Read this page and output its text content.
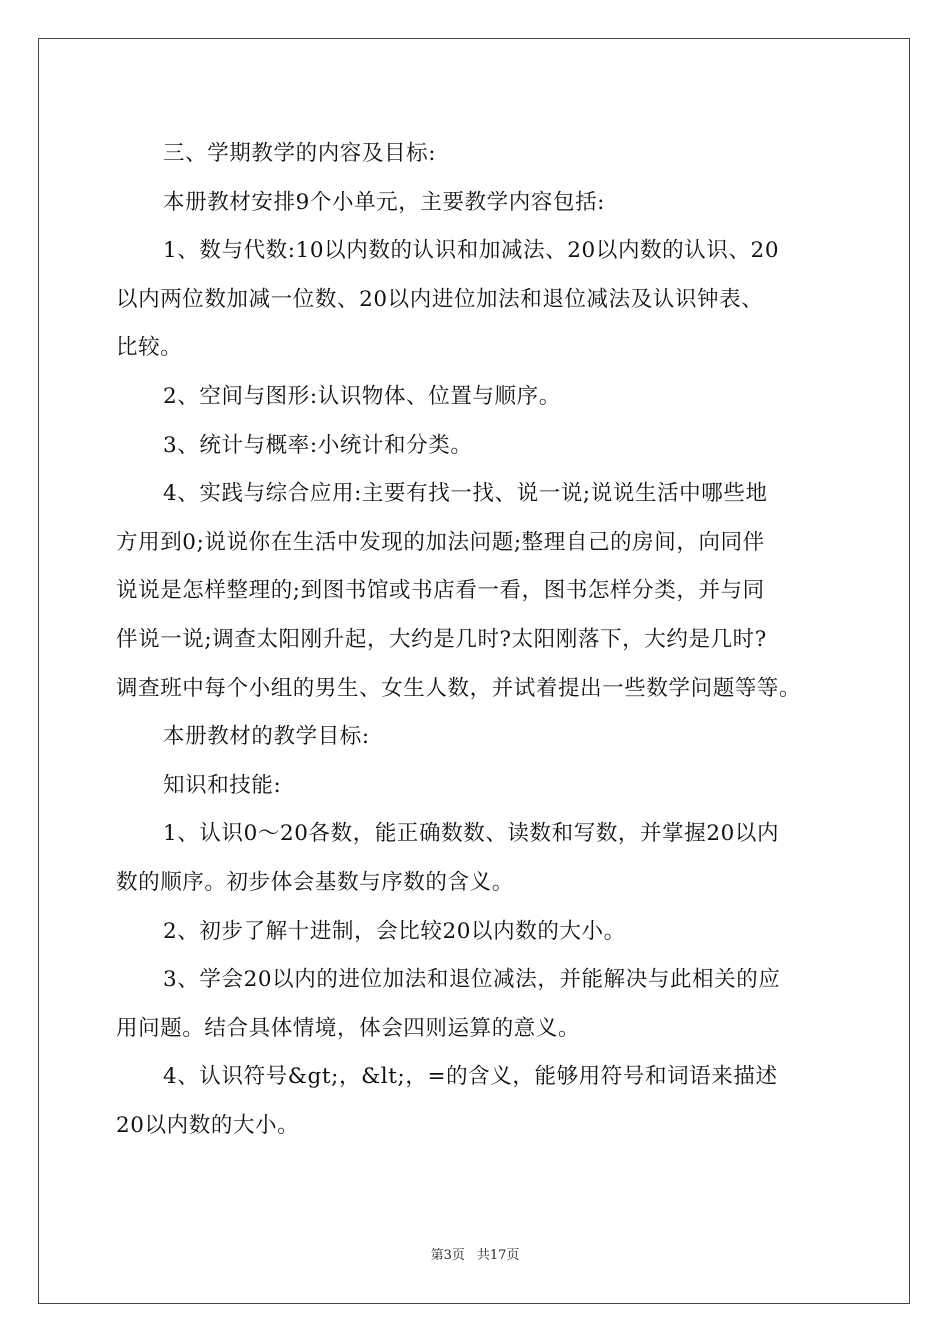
三、学期教学的内容及目标:
本册教材安排9个小单元，主要教学内容包括:
1、数与代数:10以内数的认识和加减法、20以内数的认识、20
以内两位数加减一位数、20以内进位加法和退位减法及认识钟表、
比较。
2、空间与图形:认识物体、位置与顺序。
3、统计与概率:小统计和分类。
4、实践与综合应用:主要有找一找、说一说;说说生活中哪些地
方用到0;说说你在生活中发现的加法问题;整理自己的房间，向同伴
说说是怎样整理的;到图书馆或书店看一看，图书怎样分类，并与同
伴说一说;调查太阳刚升起，大约是几时?太阳刚落下，大约是几时?
调查班中每个小组的男生、女生人数，并试着提出一些数学问题等等。
本册教材的教学目标:
知识和技能:
1、认识0～20各数，能正确数数、读数和写数，并掌握20以内
数的顺序。初步体会基数与序数的含义。
2、初步了解十进制，会比较20以内数的大小。
3、学会20以内的进位加法和退位减法，并能解决与此相关的应
用问题。结合具体情境，体会四则运算的意义。
4、认识符号&gt;，&lt;，=的含义，能够用符号和词语来描述
20以内数的大小。
第3页 共17页
